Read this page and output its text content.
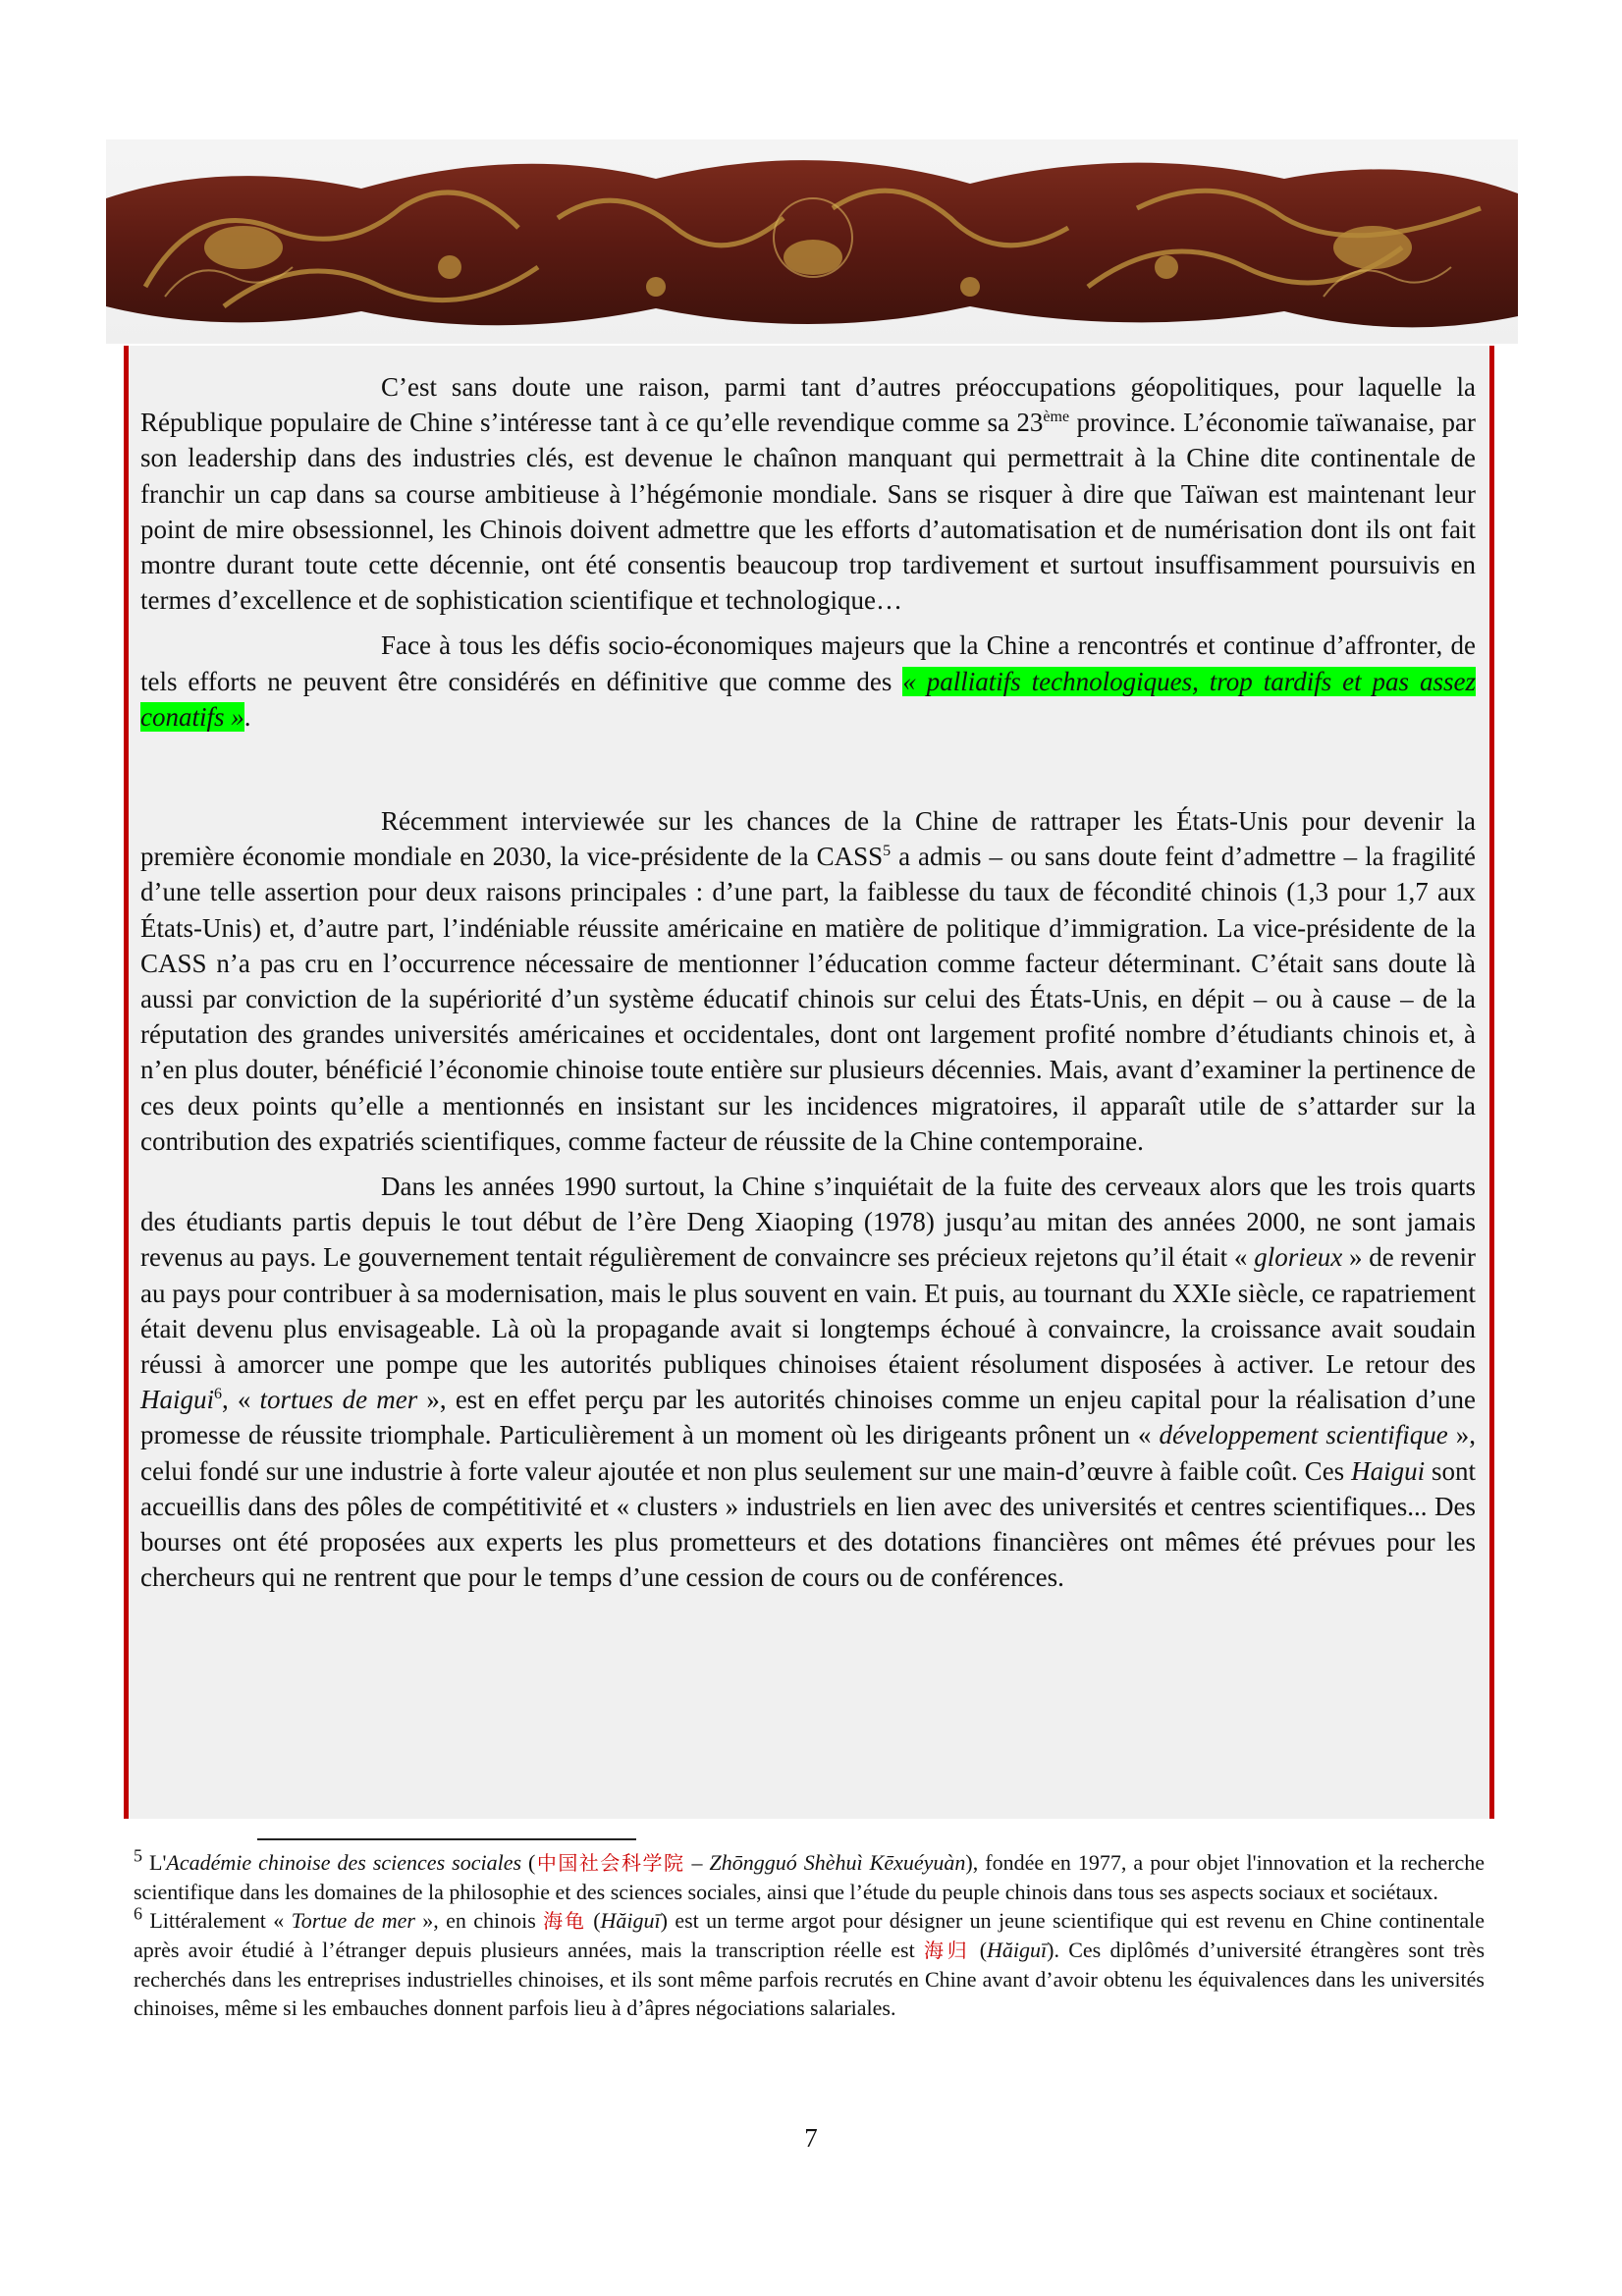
C’est sans doute une raison, parmi tant d’autres préoccupations géopolitiques, pour laquelle la République populaire de Chine s’intéresse tant à ce qu’elle revendique comme sa 23ème province. L’économie taïwanaise, par son leadership dans des industries clés, est devenue le chaînon manquant qui permettrait à la Chine dite continentale de franchir un cap dans sa course ambitieuse à l’hégémonie mondiale. Sans se risquer à dire que Taïwan est maintenant leur point de mire obsessionnel, les Chinois doivent admettre que les efforts d’automatisation et de numérisation dont ils ont fait montre durant toute cette décennie, ont été consentis beaucoup trop tardivement et surtout insuffisamment poursuivis en termes d’excellence et de sophistication scientifique et technologique…

Face à tous les défis socio-économiques majeurs que la Chine a rencontrés et continue d’affronter, de tels efforts ne peuvent être considérés en définitive que comme des « palliatifs technologiques, trop tardifs et pas assez conatifs ».

Récemment interviewée sur les chances de la Chine de rattraper les États-Unis pour devenir la première économie mondiale en 2030, la vice-présidente de la CASS$^5$ a admis – ou sans doute feint d’admettre – la fragilité d’une telle assertion pour deux raisons principales : d’une part, la faiblesse du taux de fécondité chinois (1,3 pour 1,7 aux États-Unis) et, d’autre part, l’indéniable réussite américaine en matière de politique d’immigration. La vice-présidente de la CASS n’a pas cru en l’occurrence nécessaire de mentionner l’éducation comme facteur déterminant. C’était sans doute là aussi par conviction de la supériorité d’un système éducatif chinois sur celui des États-Unis, en dépit – ou à cause – de la réputation des grandes universités américaines et occidentales, dont ont largement profité nombre d’étudiants chinois et, à n’en plus douter, bénéficié l’économie chinoise toute entière sur plusieurs décennies. Mais, avant d’examiner la pertinence de ces deux points qu’elle a mentionnés en insistant sur les incidences migratoires, il apparaît utile de s’attarder sur la contribution des expatriés scientifiques, comme facteur de réussite de la Chine contemporaine.

Dans les années 1990 surtout, la Chine s’inquiétait de la fuite des cerveaux alors que les trois quarts des étudiants partis depuis le tout début de l’ère Deng Xiaoping (1978) jusqu’au mitan des années 2000, ne sont jamais revenus au pays. Le gouvernement tentait régulièrement de convaincre ses précieux rejetons qu’il était « glorieux » de revenir au pays pour contribuer à sa modernisation, mais le plus souvent en vain. Et puis, au tournant du XXIe siècle, ce rapatriement était devenu plus envisageable. Là où la propagande avait si longtemps échoué à convaincre, la croissance avait soudain réussi à amorcer une pompe que les autorités publiques chinoises étaient résolument disposées à activer. Le retour des Haigui$^6$, « tortues de mer », est en effet perçu par les autorités chinoises comme un enjeu capital pour la réalisation d’une promesse de réussite triomphale. Particulièrement à un moment où les dirigeants prônent un « développement scientifique », celui fondé sur une industrie à forte valeur ajoutée et non plus seulement sur une main-d’œuvre à faible coût. Ces Haigui sont accueillis dans des pôles de compétitivité et « clusters » industriels en lien avec des universités et centres scientifiques... Des bourses ont été proposées aux experts les plus prometteurs et des dotations financières ont mêmes été prévues pour les chercheurs qui ne rentrent que pour le temps d’une cession de cours ou de conférences.

$^5$ L'Académie chinoise des sciences sociales (中国社会科学院 – Zhōngguó Shèhuì Kēxuéyuàn), fondée en 1977, a pour objet l'innovation et la recherche scientifique dans les domaines de la philosophie et des sciences sociales, ainsi que l’étude du peuple chinois dans tous ses aspects sociaux et sociétaux.

$^6$ Littéralement « Tortue de mer », en chinois 海龟 (Hăiguī) est un terme argot pour désigner un jeune scientifique qui est revenu en Chine continentale après avoir étudié à l’étranger depuis plusieurs années, mais la transcription réelle est 海归 (Hăiguī). Ces diplômés d’université étrangères sont très recherchés dans les entreprises industrielles chinoises, et ils sont même parfois recrutés en Chine avant d’avoir obtenu les équivalences dans les universités chinoises, même si les embauches donnent parfois lieu à d’âpres négociations salariales.

7
